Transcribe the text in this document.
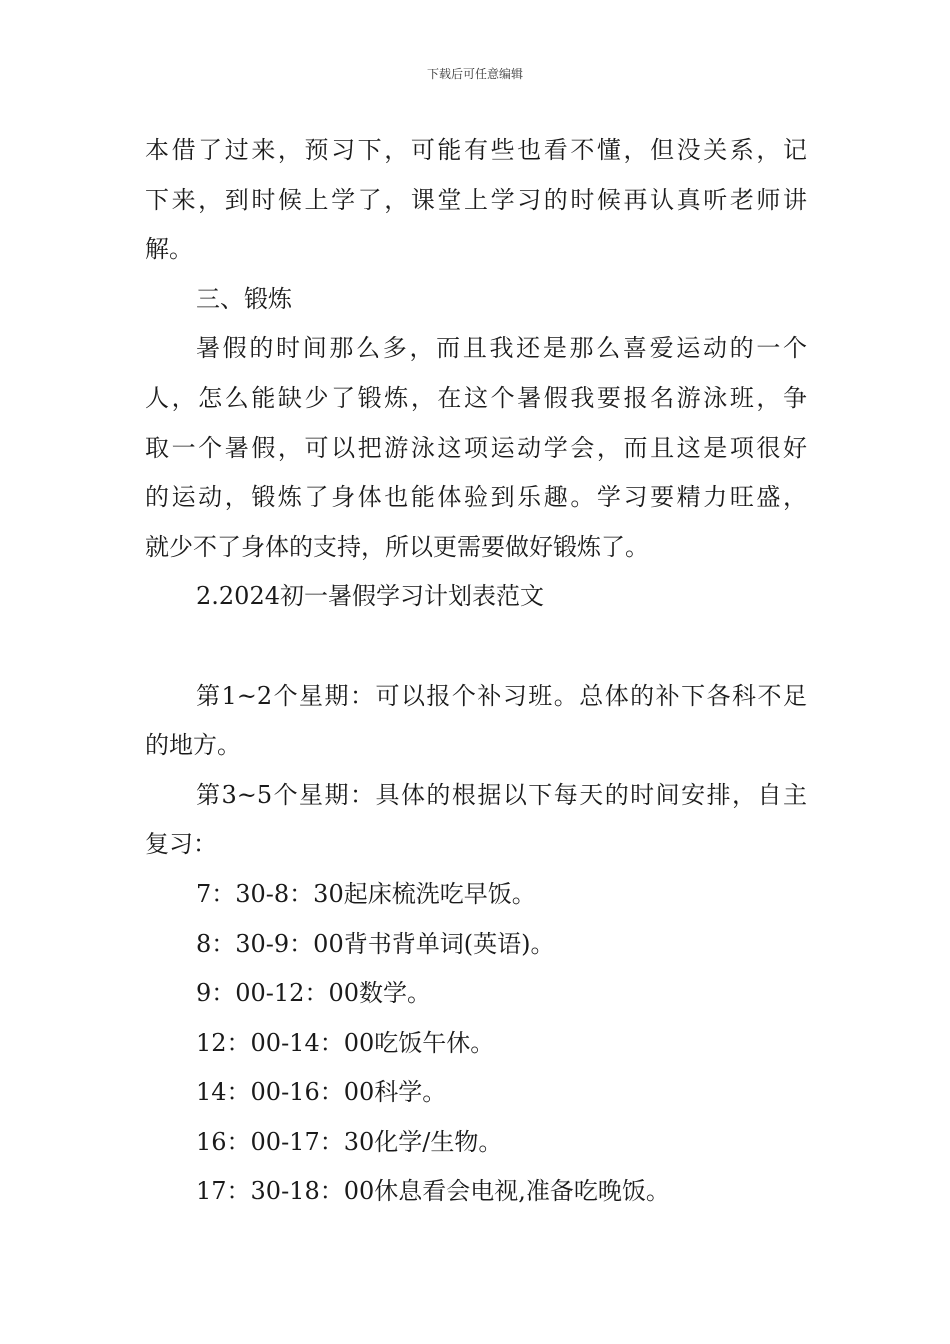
下载后可任意编辑
本借了过来，预习下，可能有些也看不懂，但没关系，记
下来，到时候上学了，课堂上学习的时候再认真听老师讲
解。
三、锻炼
暑假的时间那么多，而且我还是那么喜爱运动的一个
人，怎么能缺少了锻炼，在这个暑假我要报名游泳班，争
取一个暑假，可以把游泳这项运动学会，而且这是项很好
的运动，锻炼了身体也能体验到乐趣。学习要精力旺盛，
就少不了身体的支持，所以更需要做好锻炼了。
2.2024初一暑假学习计划表范文
第1~2个星期：可以报个补习班。总体的补下各科不足
的地方。
第3~5个星期：具体的根据以下每天的时间安排，自主
复习：
7：30-8：30起床梳洗吃早饭。
8：30-9：00背书背单词(英语)。
9：00-12：00数学。
12：00-14：00吃饭午休。
14：00-16：00科学。
16：00-17：30化学/生物。
17：30-18：00休息看会电视,准备吃晚饭。
